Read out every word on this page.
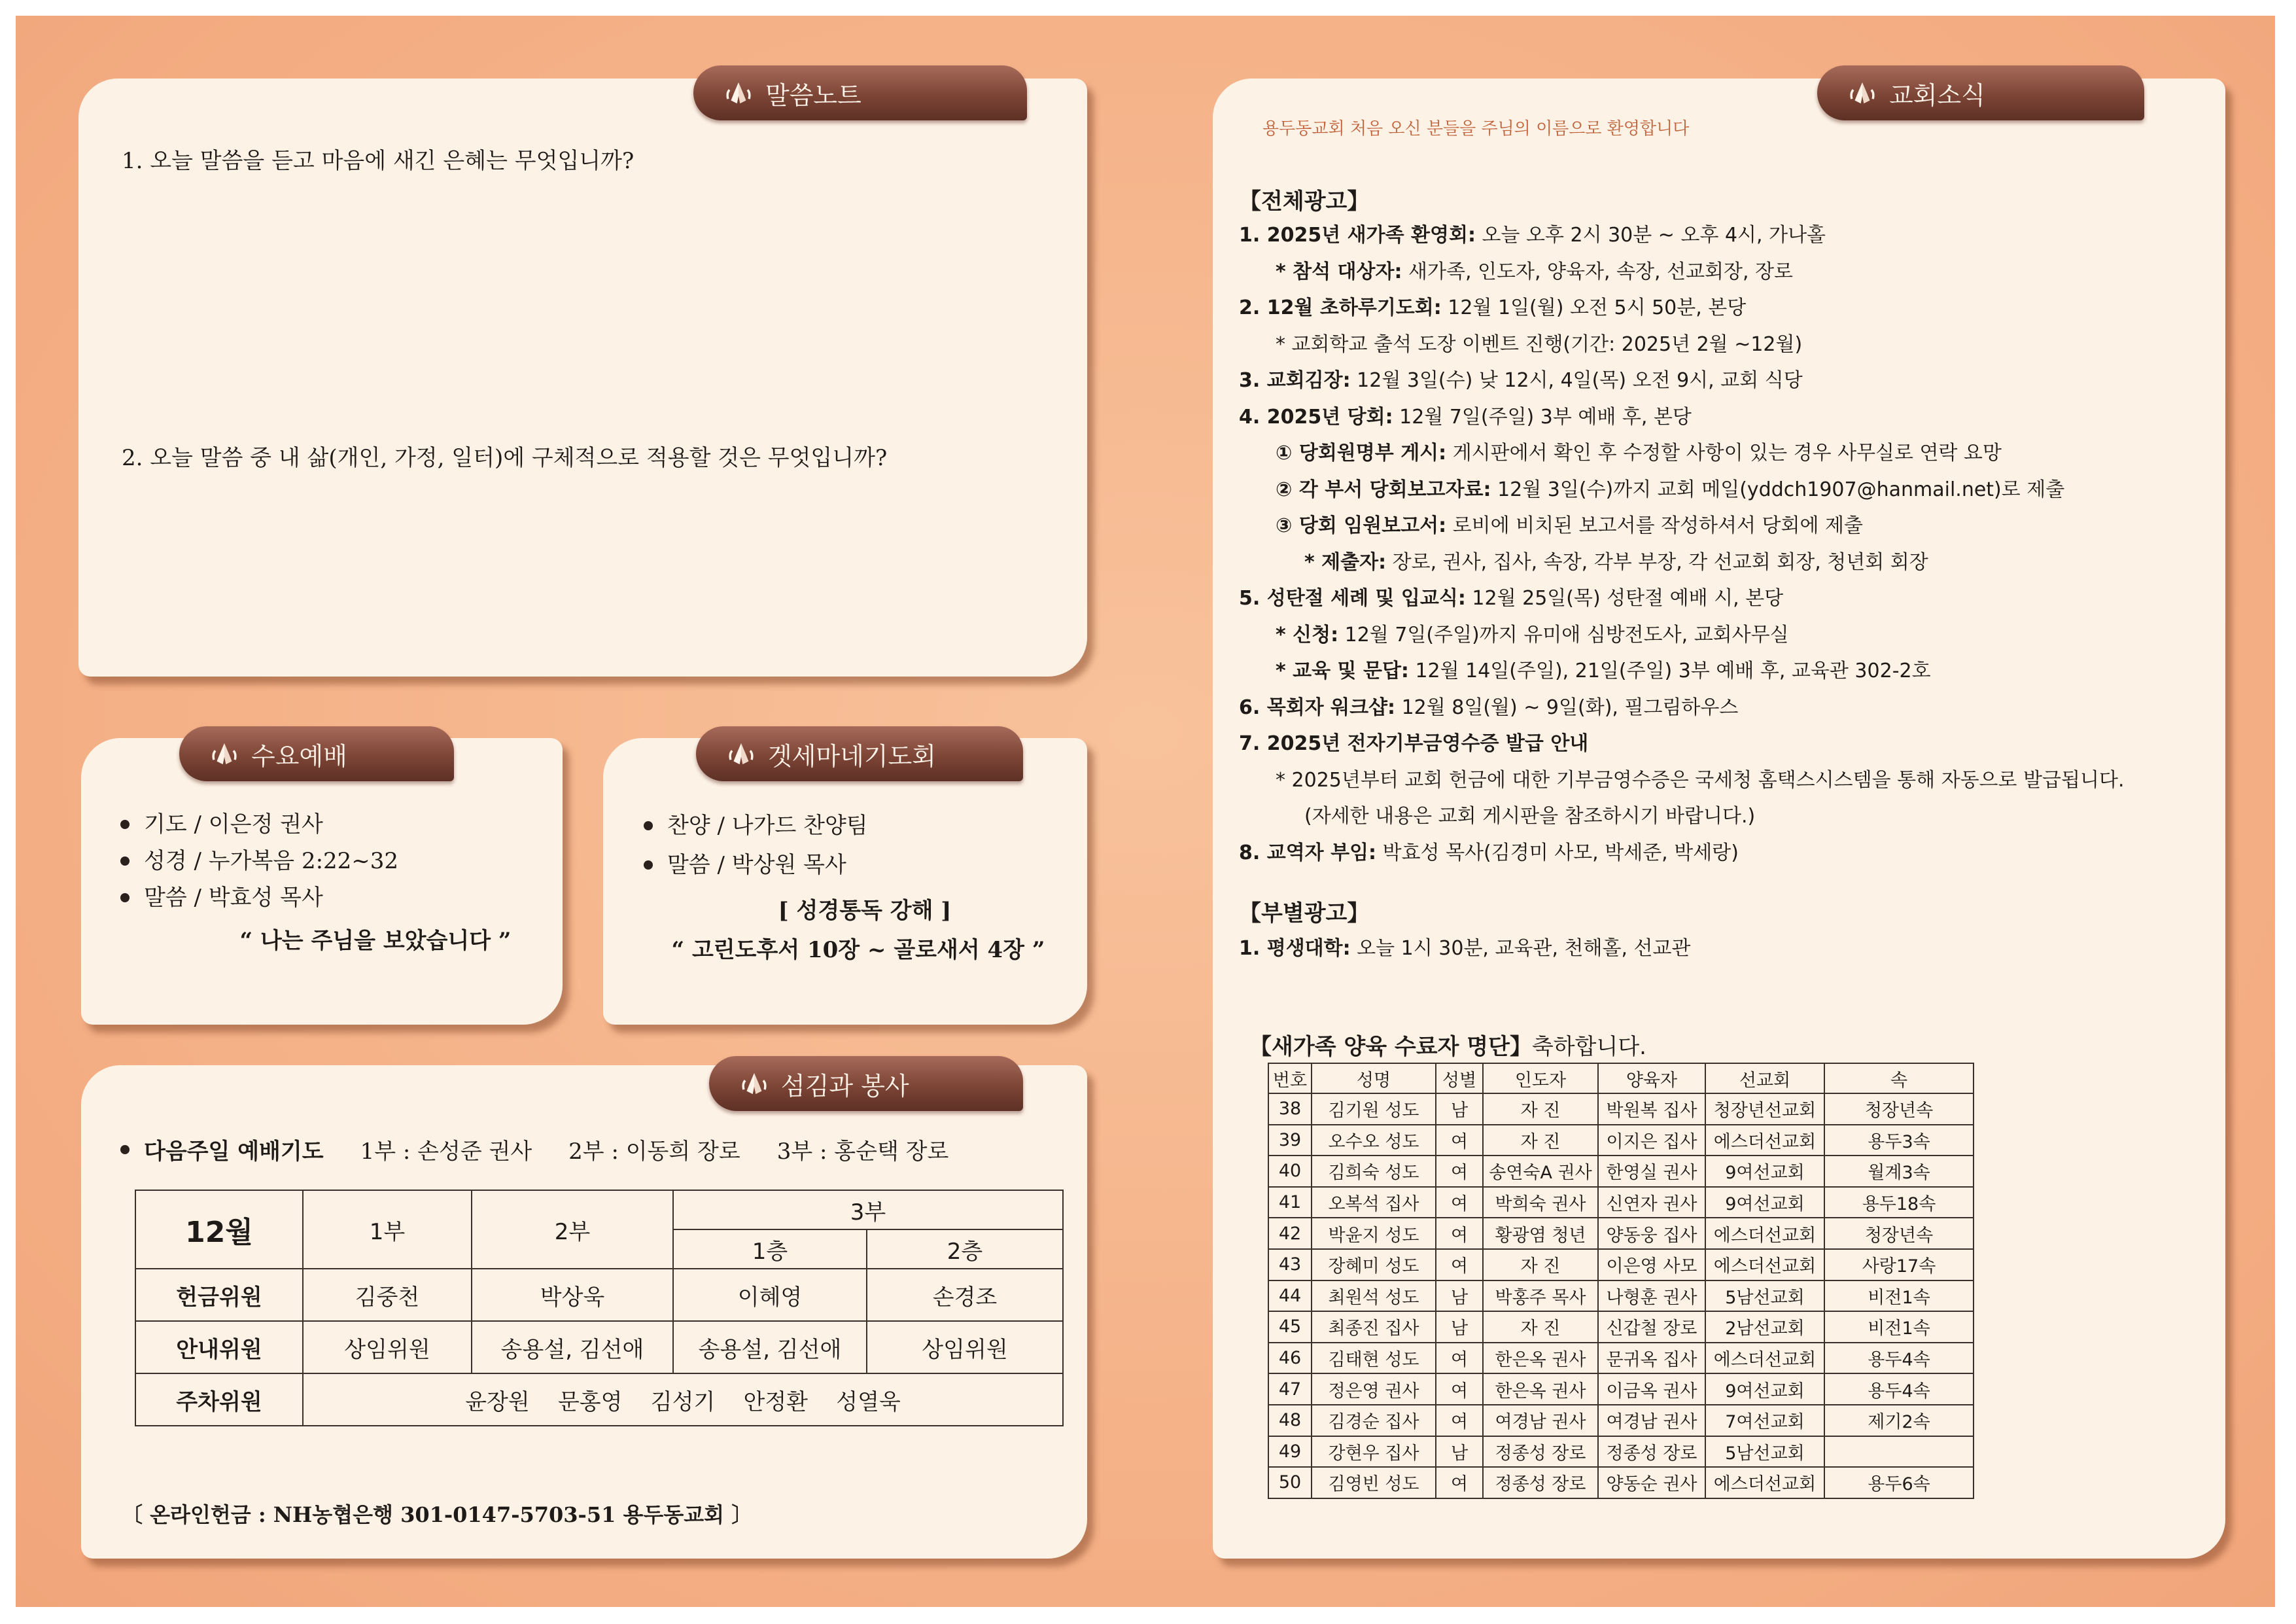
1. 오늘 말씀을 듣고 마음에 새긴 은혜는 무엇입니까?
2. 오늘 말씀 중 내 삶(개인, 가정, 일터)에 구체적으로 적용할 것은 무엇입니까?
말씀노트
기도 / 이은정 권사
성경 / 누가복음 2:22~32
말씀 / 박효성 목사
“ 나는 주님을 보았습니다 ”
수요예배
찬양 / 나가드 찬양팀
말씀 / 박상원 목사
[ 성경통독 강해 ]
“ 고린도후서 10장 ~ 골로새서 4장 ”
겟세마네기도회
다음주일 예배기도 1부 : 손성준 권사 2부 : 이동희 장로 3부 : 홍순택 장로
12월	1부	2부	3부	
			1층	2층
헌금위원	김중천	박상욱	이혜영	손경조
안내위원	상임위원	송용설, 김선애	송용설, 김선애	상임위원
주차위원	윤장원    문홍영    김성기    안정환    성열욱			
〔 온라인헌금 : NH농협은행 301-0147-5703-51 용두동교회 〕
섬김과 봉사
용두동교회 처음 오신 분들을 주님의 이름으로 환영합니다
【전체광고】
1. 2025년 새가족 환영회: 오늘 오후 2시 30분 ~ 오후 4시, 가나홀
* 참석 대상자: 새가족, 인도자, 양육자, 속장, 선교회장, 장로
2. 12월 초하루기도회: 12월 1일(월) 오전 5시 50분, 본당
* 교회학교 출석 도장 이벤트 진행(기간: 2025년 2월 ~12월)
3. 교회김장: 12월 3일(수) 낮 12시, 4일(목) 오전 9시, 교회 식당
4. 2025년 당회: 12월 7일(주일) 3부 예배 후, 본당
① 당회원명부 게시: 게시판에서 확인 후 수정할 사항이 있는 경우 사무실로 연락 요망
② 각 부서 당회보고자료: 12월 3일(수)까지 교회 메일(yddch1907@hanmail.net)로 제출
③ 당회 임원보고서: 로비에 비치된 보고서를 작성하셔서 당회에 제출
* 제출자: 장로, 권사, 집사, 속장, 각부 부장, 각 선교회 회장, 청년회 회장
5. 성탄절 세례 및 입교식: 12월 25일(목) 성탄절 예배 시, 본당
* 신청: 12월 7일(주일)까지 유미애 심방전도사, 교회사무실
* 교육 및 문답: 12월 14일(주일), 21일(주일) 3부 예배 후, 교육관 302-2호
6. 목회자 워크샵: 12월 8일(월) ~ 9일(화), 필그림하우스
7. 2025년 전자기부금영수증 발급 안내
* 2025년부터 교회 헌금에 대한 기부금영수증은 국세청 홈택스시스템을 통해 자동으로 발급됩니다.
(자세한 내용은 교회 게시판을 참조하시기 바랍니다.)
8. 교역자 부임: 박효성 목사(김경미 사모, 박세준, 박세랑)
【부별광고】
1. 평생대학: 오늘 1시 30분, 교육관, 천해홀, 선교관
【새가족 양육 수료자 명단】축하합니다.
번호	성명	성별	인도자	양육자	선교회	속
38	김기원 성도	남	자 진	박원복 집사	청장년선교회	청장년속
39	오수오 성도	여	자 진	이지은 집사	에스더선교회	용두3속
40	김희숙 성도	여	송연숙A 권사	한영실 권사	9여선교회	월계3속
41	오복석 집사	여	박희숙 권사	신연자 권사	9여선교회	용두18속
42	박윤지 성도	여	황광염 청년	양동웅 집사	에스더선교회	청장년속
43	장혜미 성도	여	자 진	이은영 사모	에스더선교회	사랑17속
44	최원석 성도	남	박홍주 목사	나형훈 권사	5남선교회	비전1속
45	최종진 집사	남	자 진	신갑철 장로	2남선교회	비전1속
46	김태현 성도	여	한은옥 권사	문귀옥 집사	에스더선교회	용두4속
47	정은영 권사	여	한은옥 권사	이금옥 권사	9여선교회	용두4속
48	김경순 집사	여	여경남 권사	여경남 권사	7여선교회	제기2속
49	강현우 집사	남	정종성 장로	정종성 장로	5남선교회	
50	김영빈 성도	여	정종성 장로	양동순 권사	에스더선교회	용두6속
교회소식
